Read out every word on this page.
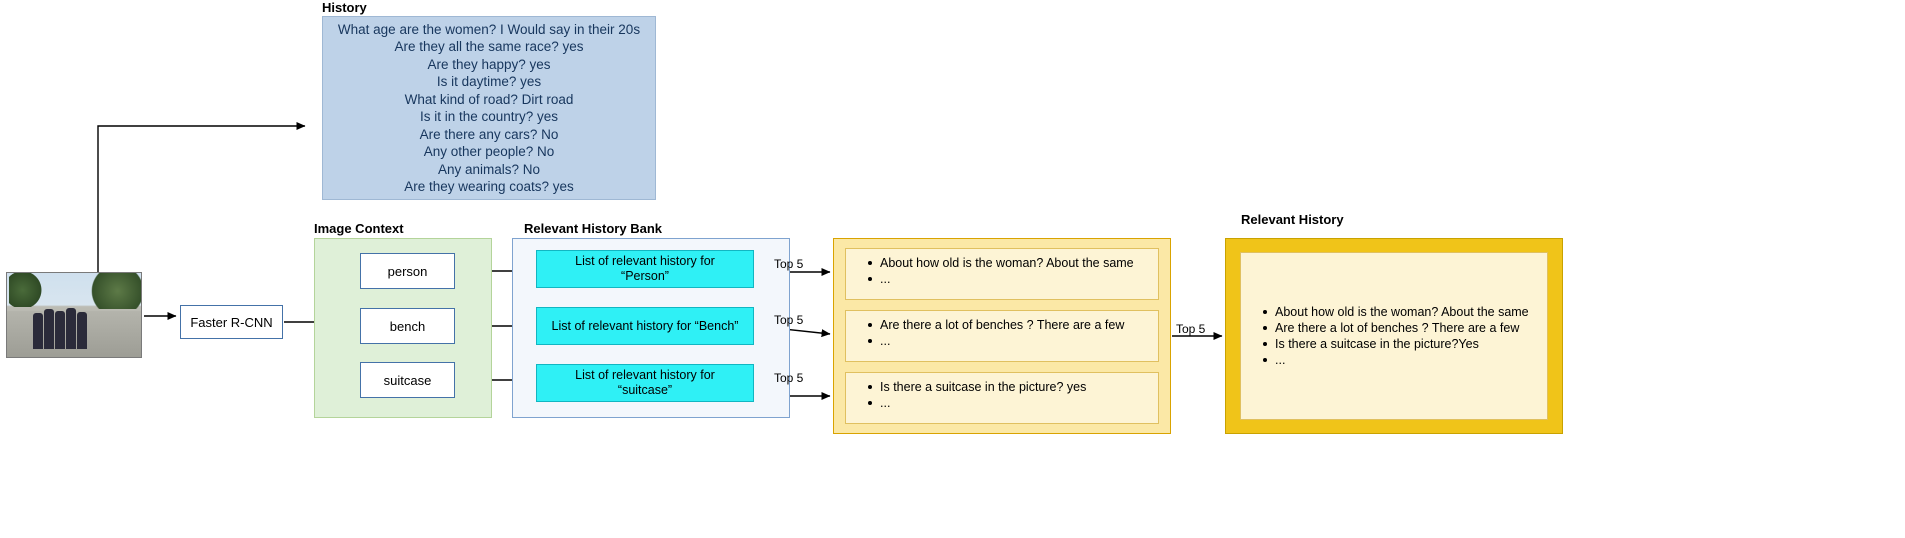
History
What age are the women? I Would say in their 20s
Are they all the same race? yes
Are they happy? yes
Is it daytime? yes
What kind of road? Dirt road
Is it in the country? yes
Are there any cars? No
Any other people? No
Any animals? No
Are they wearing coats? yes
Faster R-CNN
Image Context
person
bench
suitcase
Relevant History Bank
List of relevant history for
“Person”
List of relevant history for “Bench”
List of relevant history for
“suitcase”
Top 5
Top 5
Top 5
Top 5
About how old is the woman? About the same
...
Are there a lot of benches ? There are a few
...
Is there a suitcase in the picture? yes
...
Relevant History
About how old is the woman? About the same
Are there a lot of benches ? There are a few
Is there a suitcase in the picture?Yes
...
